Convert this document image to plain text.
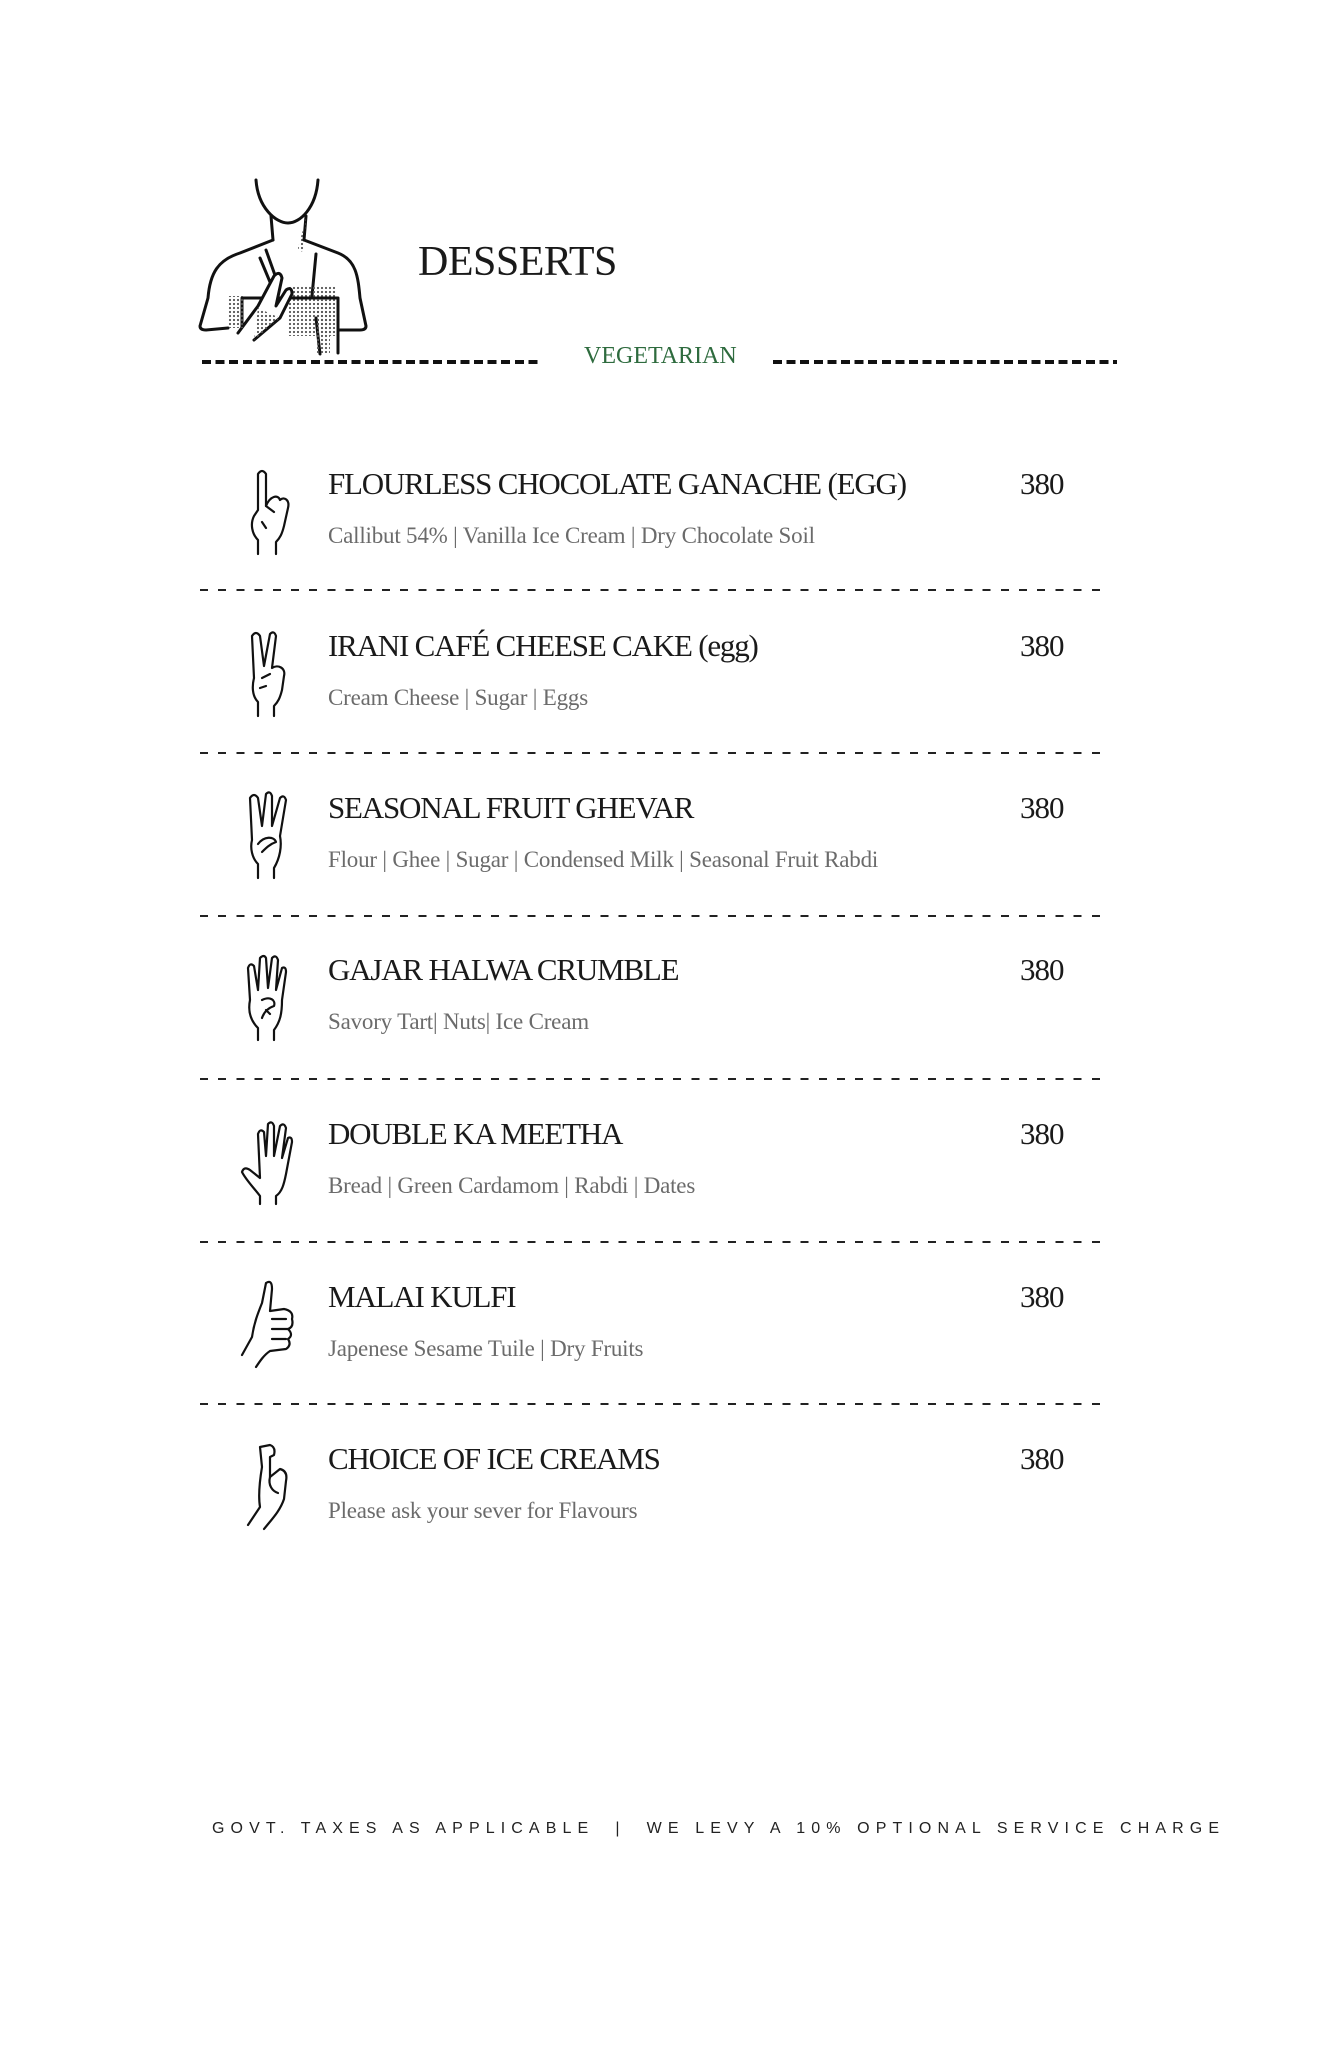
DESSERTS
VEGETARIAN
FLOURLESS CHOCOLATE GANACHE (EGG)
Callibut 54% | Vanilla Ice Cream | Dry Chocolate Soil
380
IRANI CAFÉ CHEESE CAKE (egg)
Cream Cheese | Sugar | Eggs
380
SEASONAL FRUIT GHEVAR
Flour | Ghee | Sugar | Condensed Milk | Seasonal Fruit Rabdi
380
GAJAR HALWA CRUMBLE
Savory Tart| Nuts| Ice Cream
380
DOUBLE KA MEETHA
Bread | Green Cardamom | Rabdi | Dates
380
MALAI KULFI
Japenese Sesame Tuile | Dry Fruits
380
CHOICE OF ICE CREAMS
Please ask your sever for Flavours
380
GOVT. TAXES AS APPLICABLE  |  WE LEVY A 10% OPTIONAL SERVICE CHARGE
